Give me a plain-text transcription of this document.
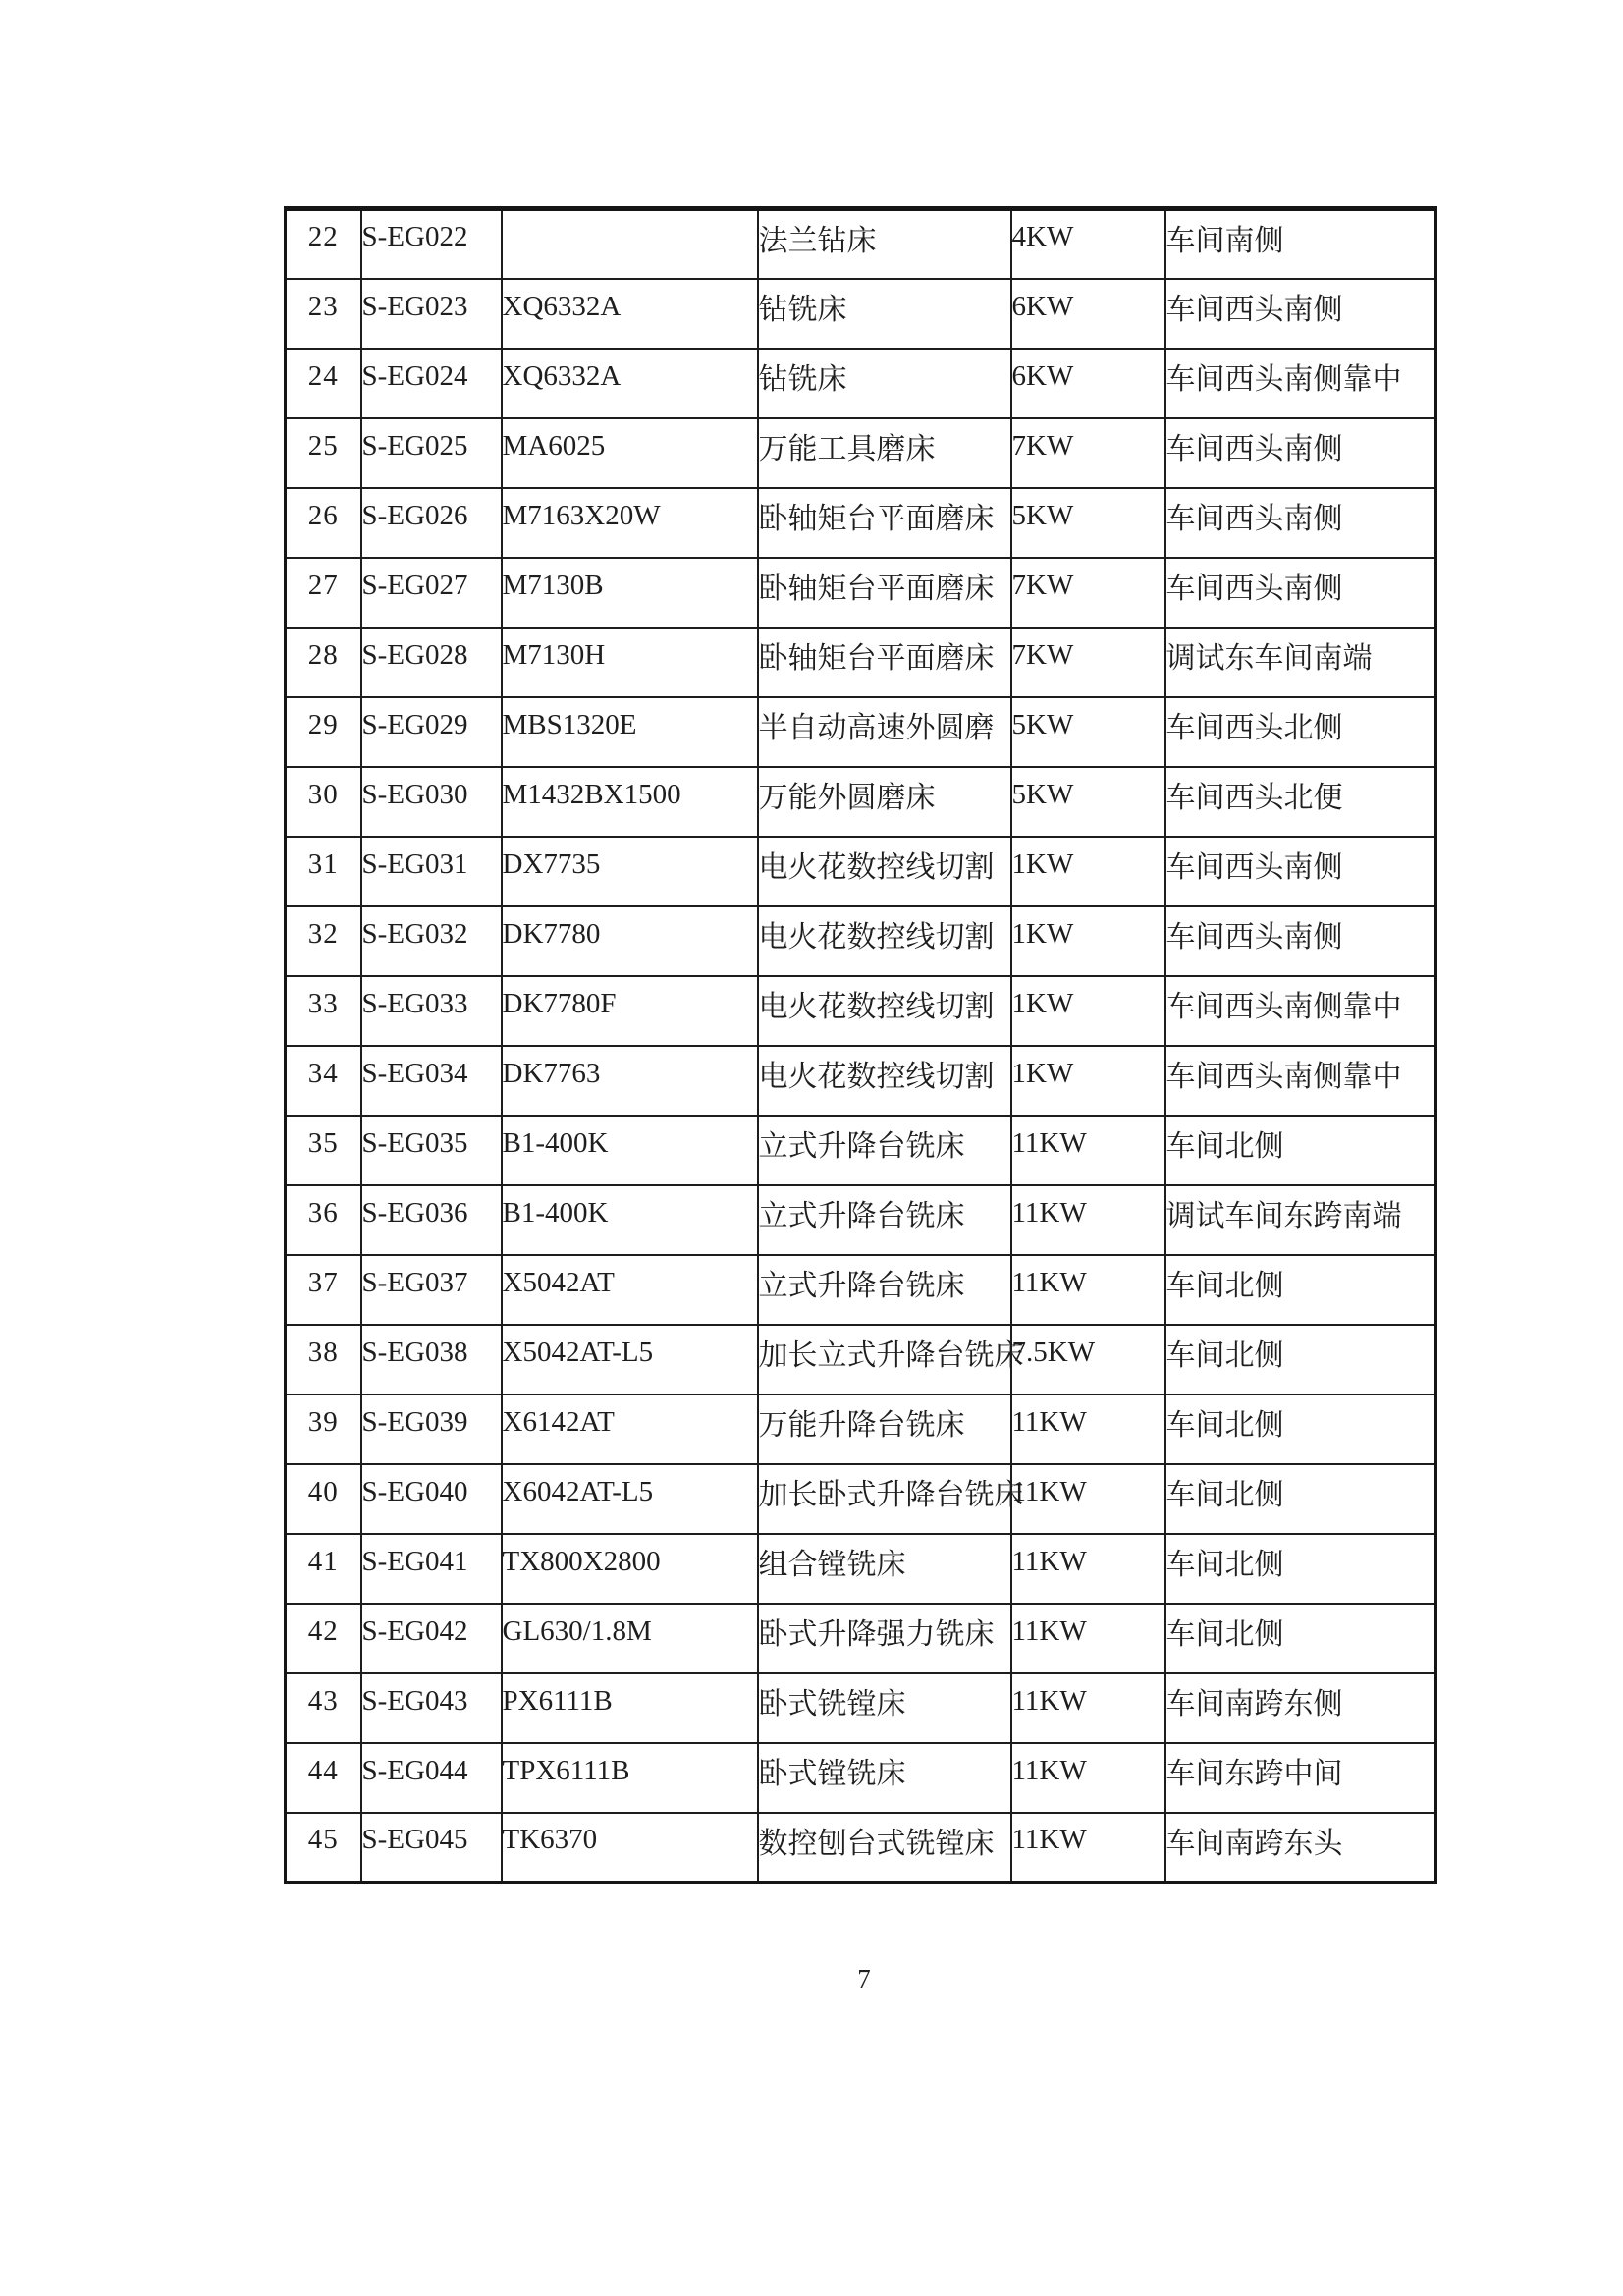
22	S-EG022		法兰钻床	4KW	车间南侧
23	S-EG023	XQ6332A	钻铣床	6KW	车间西头南侧
24	S-EG024	XQ6332A	钻铣床	6KW	车间西头南侧靠中
25	S-EG025	MA6025	万能工具磨床	7KW	车间西头南侧
26	S-EG026	M7163X20W	卧轴矩台平面磨床	5KW	车间西头南侧
27	S-EG027	M7130B	卧轴矩台平面磨床	7KW	车间西头南侧
28	S-EG028	M7130H	卧轴矩台平面磨床	7KW	调试东车间南端
29	S-EG029	MBS1320E	半自动高速外圆磨	5KW	车间西头北侧
30	S-EG030	M1432BX1500	万能外圆磨床	5KW	车间西头北便
31	S-EG031	DX7735	电火花数控线切割	1KW	车间西头南侧
32	S-EG032	DK7780	电火花数控线切割	1KW	车间西头南侧
33	S-EG033	DK7780F	电火花数控线切割	1KW	车间西头南侧靠中
34	S-EG034	DK7763	电火花数控线切割	1KW	车间西头南侧靠中
35	S-EG035	B1-400K	立式升降台铣床	11KW	车间北侧
36	S-EG036	B1-400K	立式升降台铣床	11KW	调试车间东跨南端
37	S-EG037	X5042AT	立式升降台铣床	11KW	车间北侧
38	S-EG038	X5042AT-L5	加长立式升降台铣床	7.5KW	车间北侧
39	S-EG039	X6142AT	万能升降台铣床	11KW	车间北侧
40	S-EG040	X6042AT-L5	加长卧式升降台铣床	11KW	车间北侧
41	S-EG041	TX800X2800	组合镗铣床	11KW	车间北侧
42	S-EG042	GL630/1.8M	卧式升降强力铣床	11KW	车间北侧
43	S-EG043	PX6111B	卧式铣镗床	11KW	车间南跨东侧
44	S-EG044	TPX6111B	卧式镗铣床	11KW	车间东跨中间
45	S-EG045	TK6370	数控刨台式铣镗床	11KW	车间南跨东头
7
